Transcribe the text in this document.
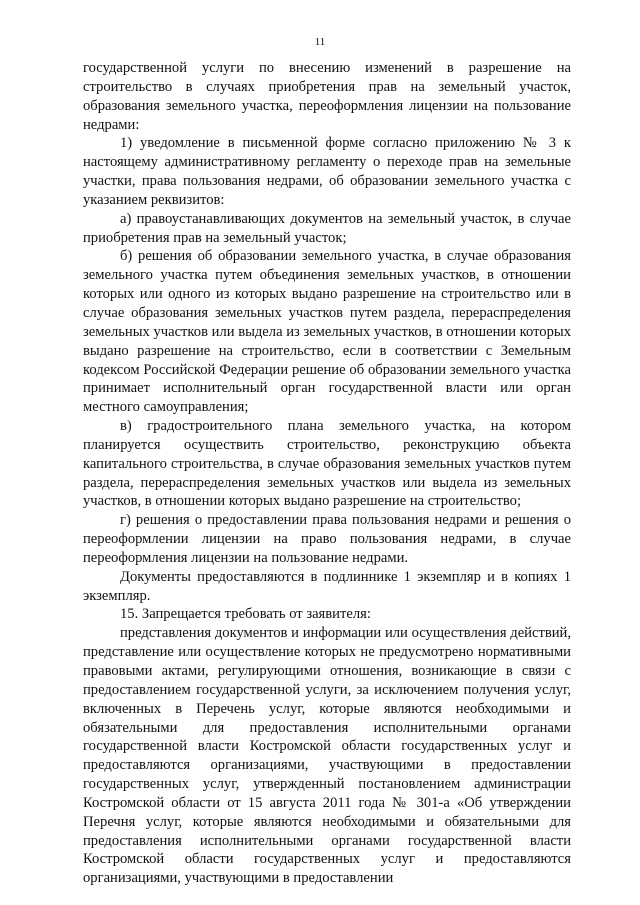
11

государственной услуги по внесению изменений в разрешение на строительство в случаях приобретения прав на земельный участок, образования земельного участка, переоформления лицензии на пользование недрами:

1) уведомление в письменной форме согласно приложению № 3 к настоящему административному регламенту о переходе прав на земельные участки, права пользования недрами, об образовании земельного участка с указанием реквизитов:

а) правоустанавливающих документов на земельный участок, в случае приобретения прав на земельный участок;

б) решения об образовании земельного участка, в случае образования земельного участка путем объединения земельных участков, в отношении которых или одного из которых выдано разрешение на строительство или в случае образования земельных участков путем раздела, перераспределения земельных участков или выдела из земельных участков, в отношении которых выдано разрешение на строительство, если в соответствии с Земельным кодексом Российской Федерации решение об образовании земельного участка принимает исполнительный орган государственной власти или орган местного самоуправления;

в) градостроительного плана земельного участка, на котором планируется осуществить строительство, реконструкцию объекта капитального строительства, в случае образования земельных участков путем раздела, перераспределения земельных участков или выдела из земельных участков, в отношении которых выдано разрешение на строительство;

г) решения о предоставлении права пользования недрами и решения о переоформлении лицензии на право пользования недрами, в случае переоформления лицензии на пользование недрами.

Документы предоставляются в подлиннике 1 экземпляр и в копиях 1 экземпляр.

15. Запрещается требовать от заявителя:

представления документов и информации или осуществления действий, представление или осуществление которых не предусмотрено нормативными правовыми актами, регулирующими отношения, возникающие в связи с предоставлением государственной услуги, за исключением получения услуг, включенных в Перечень услуг, которые являются необходимыми и обязательными для предоставления исполнительными органами государственной власти Костромской области государственных услуг и предоставляются организациями, участвующими в предоставлении государственных услуг, утвержденный постановлением администрации Костромской области от 15 августа 2011 года № 301-а «Об утверждении Перечня услуг, которые являются необходимыми и обязательными для предоставления исполнительными органами государственной власти Костромской области государственных услуг и предоставляются организациями, участвующими в предоставлении
